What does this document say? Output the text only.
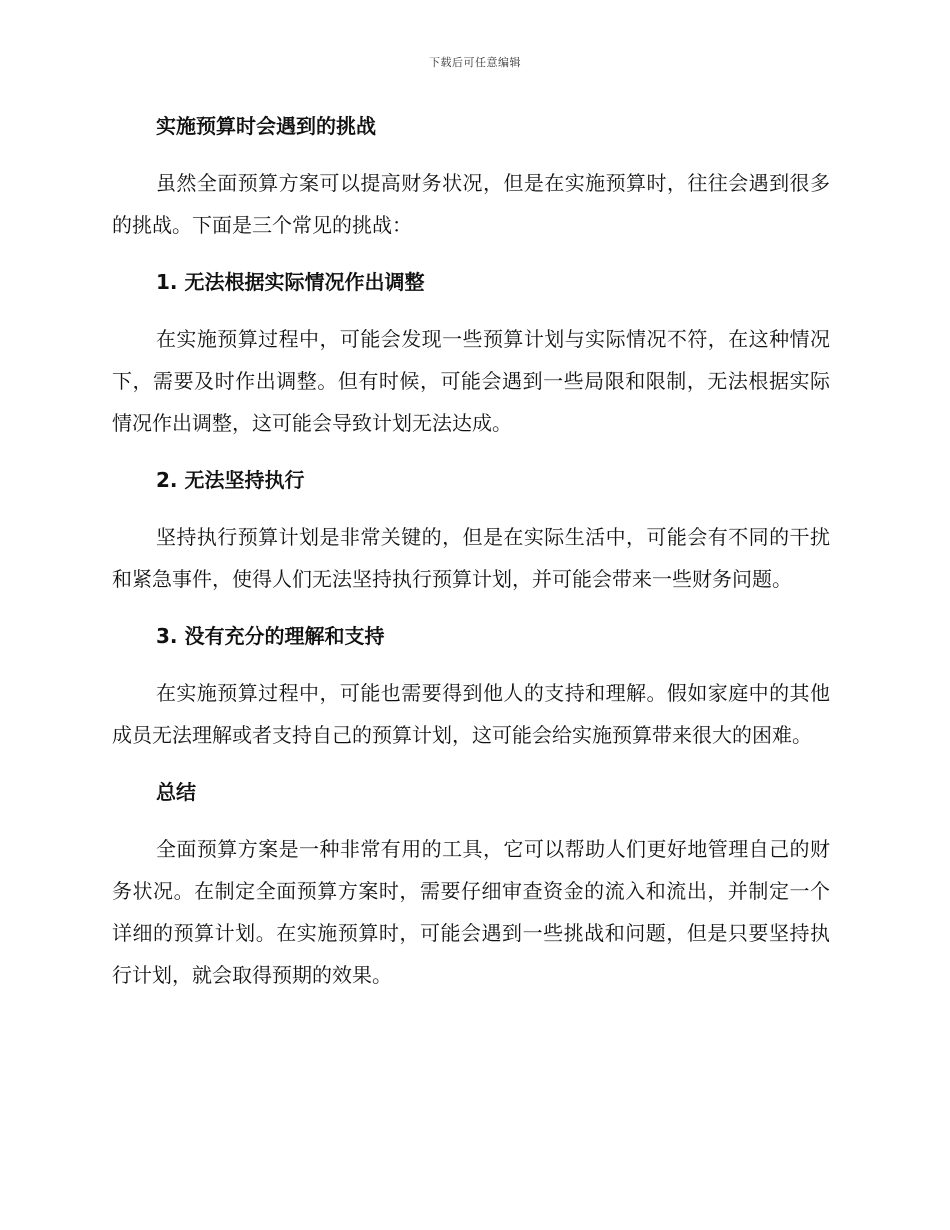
下载后可任意编辑
实施预算时会遇到的挑战

虽然全面预算方案可以提高财务状况，但是在实施预算时，往往会遇到很多的挑战。下面是三个常见的挑战：

1. 无法根据实际情况作出调整

在实施预算过程中，可能会发现一些预算计划与实际情况不符，在这种情况下，需要及时作出调整。但有时候，可能会遇到一些局限和限制，无法根据实际情况作出调整，这可能会导致计划无法达成。

2. 无法坚持执行

坚持执行预算计划是非常关键的，但是在实际生活中，可能会有不同的干扰和紧急事件，使得人们无法坚持执行预算计划，并可能会带来一些财务问题。

3. 没有充分的理解和支持

在实施预算过程中，可能也需要得到他人的支持和理解。假如家庭中的其他成员无法理解或者支持自己的预算计划，这可能会给实施预算带来很大的困难。

总结

全面预算方案是一种非常有用的工具，它可以帮助人们更好地管理自己的财务状况。在制定全面预算方案时，需要仔细审查资金的流入和流出，并制定一个详细的预算计划。在实施预算时，可能会遇到一些挑战和问题，但是只要坚持执行计划，就会取得预期的效果。
